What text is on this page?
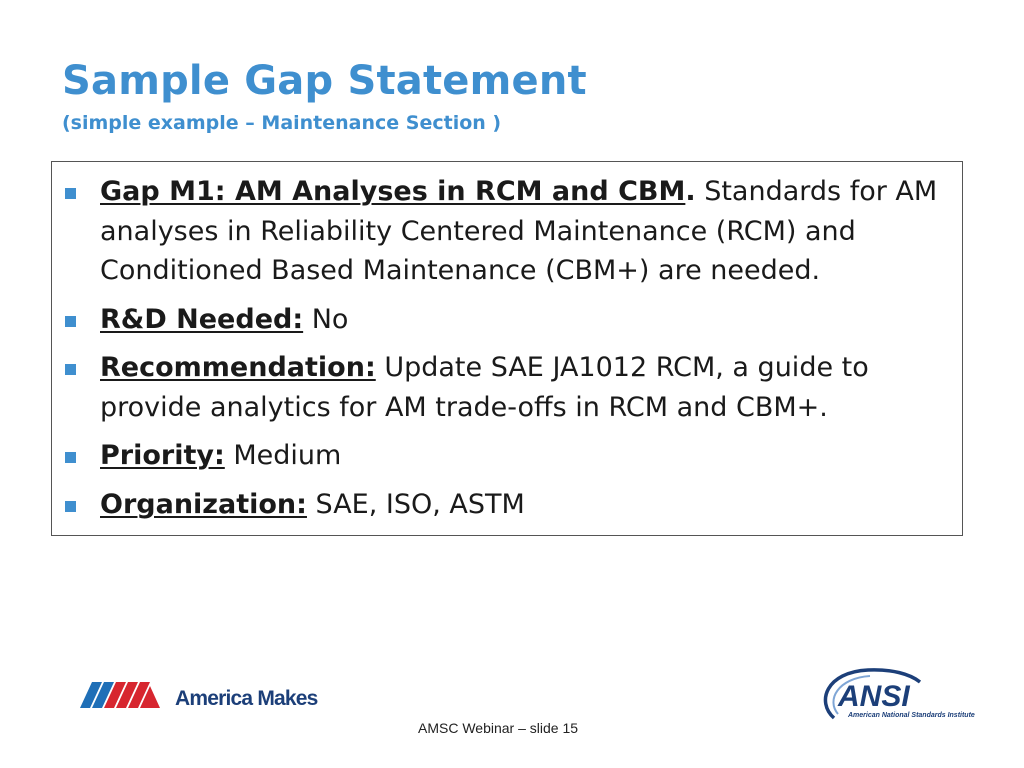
Sample Gap Statement
(simple example – Maintenance Section )
Gap M1: AM Analyses in RCM and CBM. Standards for AM analyses in Reliability Centered Maintenance (RCM) and Conditioned Based Maintenance (CBM+) are needed.
R&D Needed: No
Recommendation: Update SAE JA1012 RCM, a guide to provide analytics for AM trade-offs in RCM and CBM+.
Priority: Medium
Organization: SAE, ISO, ASTM
America Makes	ANSI
American National Standards Institute
AMSC Webinar – slide 15
